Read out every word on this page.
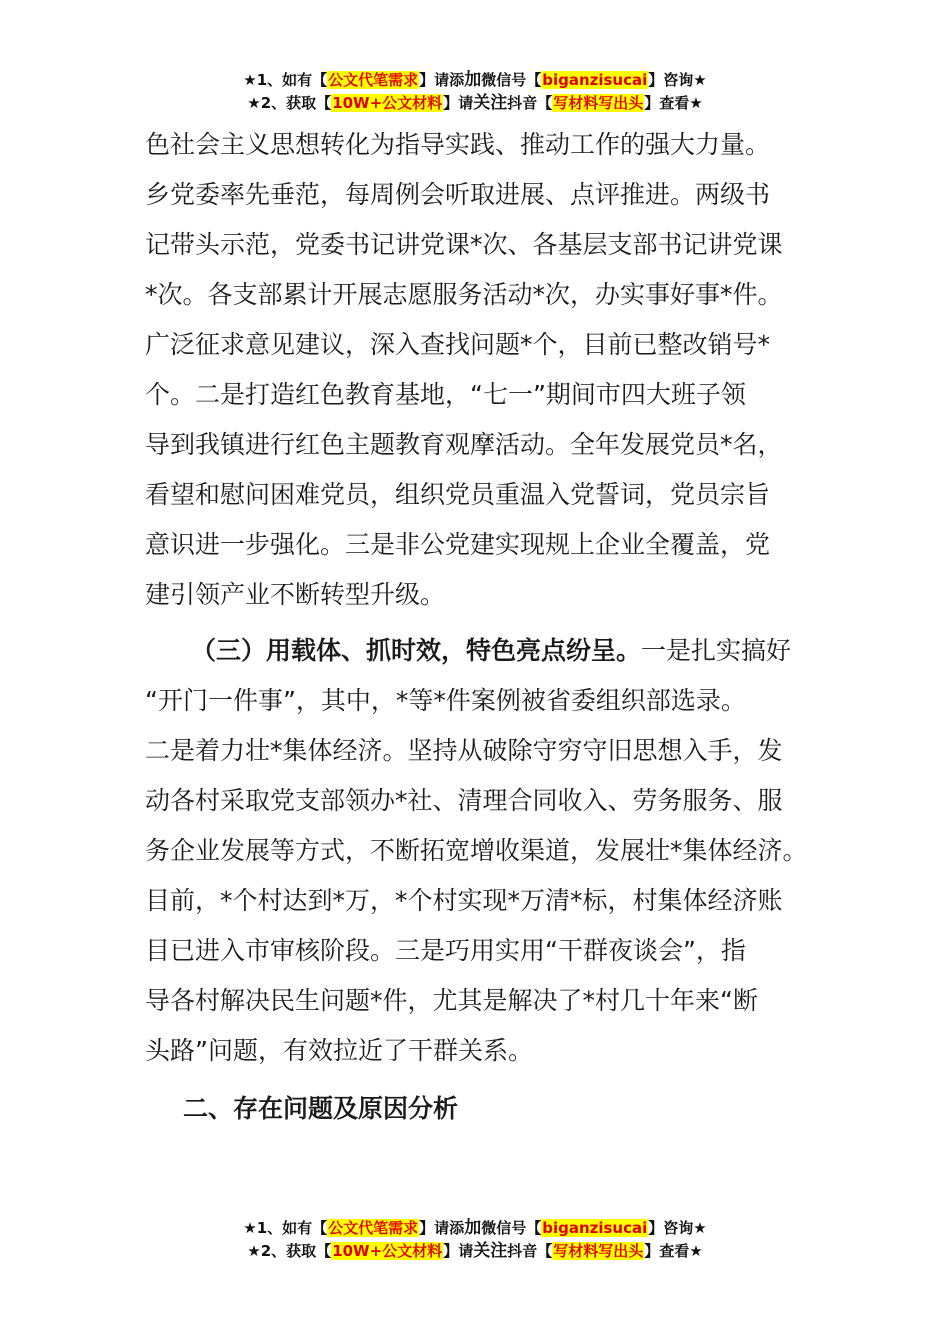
★1、如有【公文代笔需求】请添加微信号【biganzisucai】咨询★
★2、获取【10W+公文材料】请关注抖音【写材料写出头】查看★
色社会主义思想转化为指导实践、推动工作的强大力量。
乡党委率先垂范，每周例会听取进展、点评推进。两级书
记带头示范，党委书记讲党课*次、各基层支部书记讲党课
*次。各支部累计开展志愿服务活动*次，办实事好事*件。
广泛征求意见建议，深入查找问题*个，目前已整改销号*
个。二是打造红色教育基地，“七一”期间市四大班子领
导到我镇进行红色主题教育观摩活动。全年发展党员*名，
看望和慰问困难党员，组织党员重温入党誓词，党员宗旨
意识进一步强化。三是非公党建实现规上企业全覆盖，党
建引领产业不断转型升级。
（三）用载体、抓时效，特色亮点纷呈。一是扎实搞好
“开门一件事”，其中，*等*件案例被省委组织部选录。
二是着力壮*集体经济。坚持从破除守穷守旧思想入手，发
动各村采取党支部领办*社、清理合同收入、劳务服务、服
务企业发展等方式，不断拓宽增收渠道，发展壮*集体经济。
目前，*个村达到*万，*个村实现*万清*标，村集体经济账
目已进入市审核阶段。三是巧用实用“干群夜谈会”，指
导各村解决民生问题*件，尤其是解决了*村几十年来“断
头路”问题，有效拉近了干群关系。
二、存在问题及原因分析
★1、如有【公文代笔需求】请添加微信号【biganzisucai】咨询★
★2、获取【10W+公文材料】请关注抖音【写材料写出头】查看★
